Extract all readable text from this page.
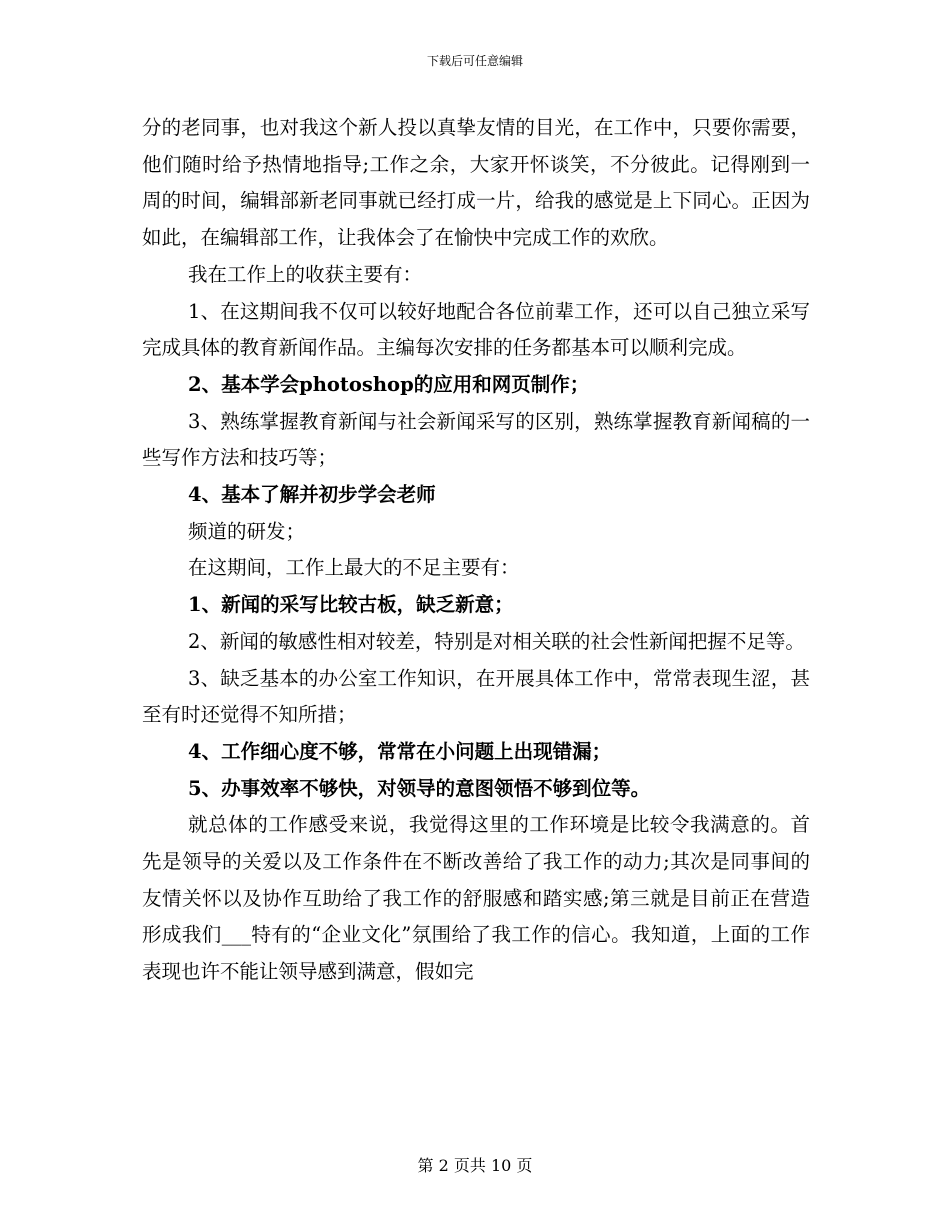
下载后可任意编辑

分的老同事，也对我这个新人投以真挚友情的目光，在工作中，只要你需要，他们随时给予热情地指导;工作之余，大家开怀谈笑，不分彼此。记得刚到一周的时间，编辑部新老同事就已经打成一片，给我的感觉是上下同心。正因为如此，在编辑部工作，让我体会了在愉快中完成工作的欢欣。

我在工作上的收获主要有：

1、在这期间我不仅可以较好地配合各位前辈工作，还可以自己独立采写完成具体的教育新闻作品。主编每次安排的任务都基本可以顺利完成。

2、基本学会photoshop的应用和网页制作；

3、熟练掌握教育新闻与社会新闻采写的区别，熟练掌握教育新闻稿的一些写作方法和技巧等；

4、基本了解并初步学会老师

频道的研发；

在这期间，工作上最大的不足主要有：

1、新闻的采写比较古板，缺乏新意；

2、新闻的敏感性相对较差，特别是对相关联的社会性新闻把握不足等。

3、缺乏基本的办公室工作知识，在开展具体工作中，常常表现生涩，甚至有时还觉得不知所措；

4、工作细心度不够，常常在小问题上出现错漏；

5、办事效率不够快，对领导的意图领悟不够到位等。

就总体的工作感受来说，我觉得这里的工作环境是比较令我满意的。首先是领导的关爱以及工作条件在不断改善给了我工作的动力;其次是同事间的友情关怀以及协作互助给了我工作的舒服感和踏实感;第三就是目前正在营造形成我们___特有的“企业文化”氛围给了我工作的信心。我知道，上面的工作表现也许不能让领导感到满意，假如完

第 2 页共 10 页
